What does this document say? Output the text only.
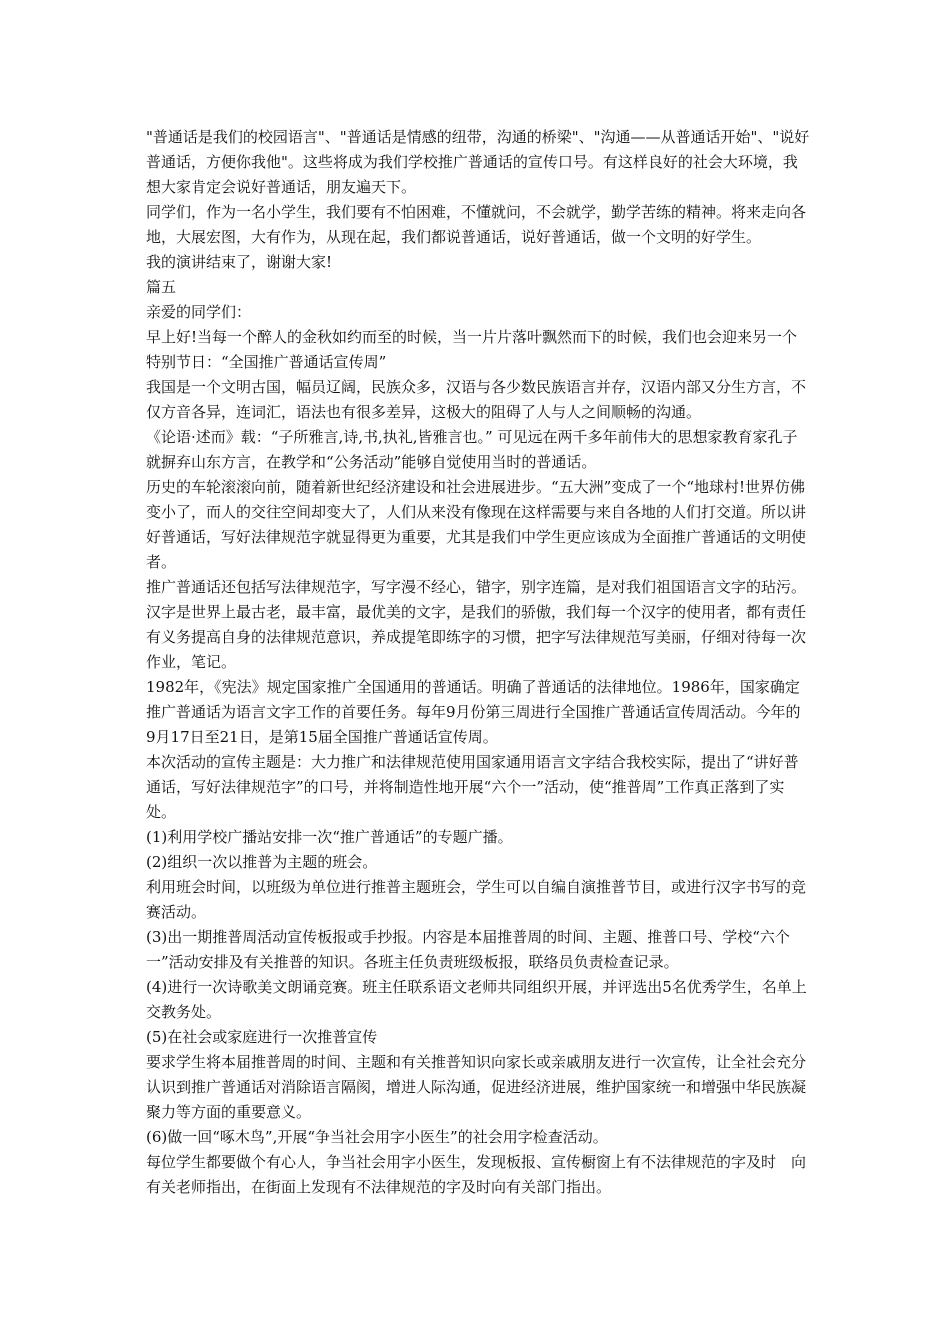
"普通话是我们的校园语言"、"普通话是情感的纽带，沟通的桥梁"、"沟通——从普通话开始"、"说好普通话，方便你我他"。这些将成为我们学校推广普通话的宣传口号。有这样良好的社会大环境，我想大家肯定会说好普通话，朋友遍天下。

同学们，作为一名小学生，我们要有不怕困难，不懂就问，不会就学，勤学苦练的精神。将来走向各地，大展宏图，大有作为，从现在起，我们都说普通话，说好普通话，做一个文明的好学生。

我的演讲结束了，谢谢大家!

篇五

亲爱的同学们：

早上好!当每一个醉人的金秋如约而至的时候，当一片片落叶飘然而下的时候，我们也会迎来另一个特别节日：“全国推广普通话宣传周”

我国是一个文明古国，幅员辽阔，民族众多，汉语与各少数民族语言并存，汉语内部又分生方言，不仅方音各异，连词汇，语法也有很多差异，这极大的阻碍了人与人之间顺畅的沟通。

《论语·述而》载：“子所雅言,诗,书,执礼,皆雅言也。” 可见远在两千多年前伟大的思想家教育家孔子就摒弃山东方言，在教学和“公务活动”能够自觉使用当时的普通话。

历史的车轮滚滚向前，随着新世纪经济建设和社会进展进步。“五大洲”变成了一个“地球村!世界仿佛变小了，而人的交往空间却变大了，人们从来没有像现在这样需要与来自各地的人们打交道。所以讲好普通话，写好法律规范字就显得更为重要，尤其是我们中学生更应该成为全面推广普通话的文明使者。

推广普通话还包括写法律规范字，写字漫不经心，错字，别字连篇，是对我们祖国语言文字的玷污。汉字是世界上最古老，最丰富，最优美的文字，是我们的骄傲，我们每一个汉字的使用者，都有责任有义务提高自身的法律规范意识，养成提笔即练字的习惯，把字写法律规范写美丽，仔细对待每一次作业，笔记。

1982年，《宪法》规定国家推广全国通用的普通话。明确了普通话的法律地位。1986年，国家确定推广普通话为语言文字工作的首要任务。每年9月份第三周进行全国推广普通话宣传周活动。今年的 9月17日至21日，是第15届全国推广普通话宣传周。

本次活动的宣传主题是：大力推广和法律规范使用国家通用语言文字结合我校实际，提出了“讲好普通话，写好法律规范字”的口号，并将制造性地开展“六个一”活动，使“推普周”工作真正落到了实处。

(1)利用学校广播站安排一次“推广普通话”的专题广播。

(2)组织一次以推普为主题的班会。

利用班会时间，以班级为单位进行推普主题班会，学生可以自编自演推普节目，或进行汉字书写的竞赛活动。

(3)出一期推普周活动宣传板报或手抄报。内容是本届推普周的时间、主题、推普口号、学校“六个一”活动安排及有关推普的知识。各班主任负责班级板报，联络员负责检查记录。

(4)进行一次诗歌美文朗诵竞赛。班主任联系语文老师共同组织开展，并评选出5名优秀学生，名单上交教务处。

(5)在社会或家庭进行一次推普宣传

要求学生将本届推普周的时间、主题和有关推普知识向家长或亲戚朋友进行一次宣传，让全社会充分认识到推广普通话对消除语言隔阂，增进人际沟通，促进经济进展，维护国家统一和增强中华民族凝聚力等方面的重要意义。

(6)做一回“啄木鸟”,开展“争当社会用字小医生”的社会用字检查活动。

每位学生都要做个有心人，争当社会用字小医生，发现板报、宣传橱窗上有不法律规范的字及时　向有关老师指出，在街面上发现有不法律规范的字及时向有关部门指出。
